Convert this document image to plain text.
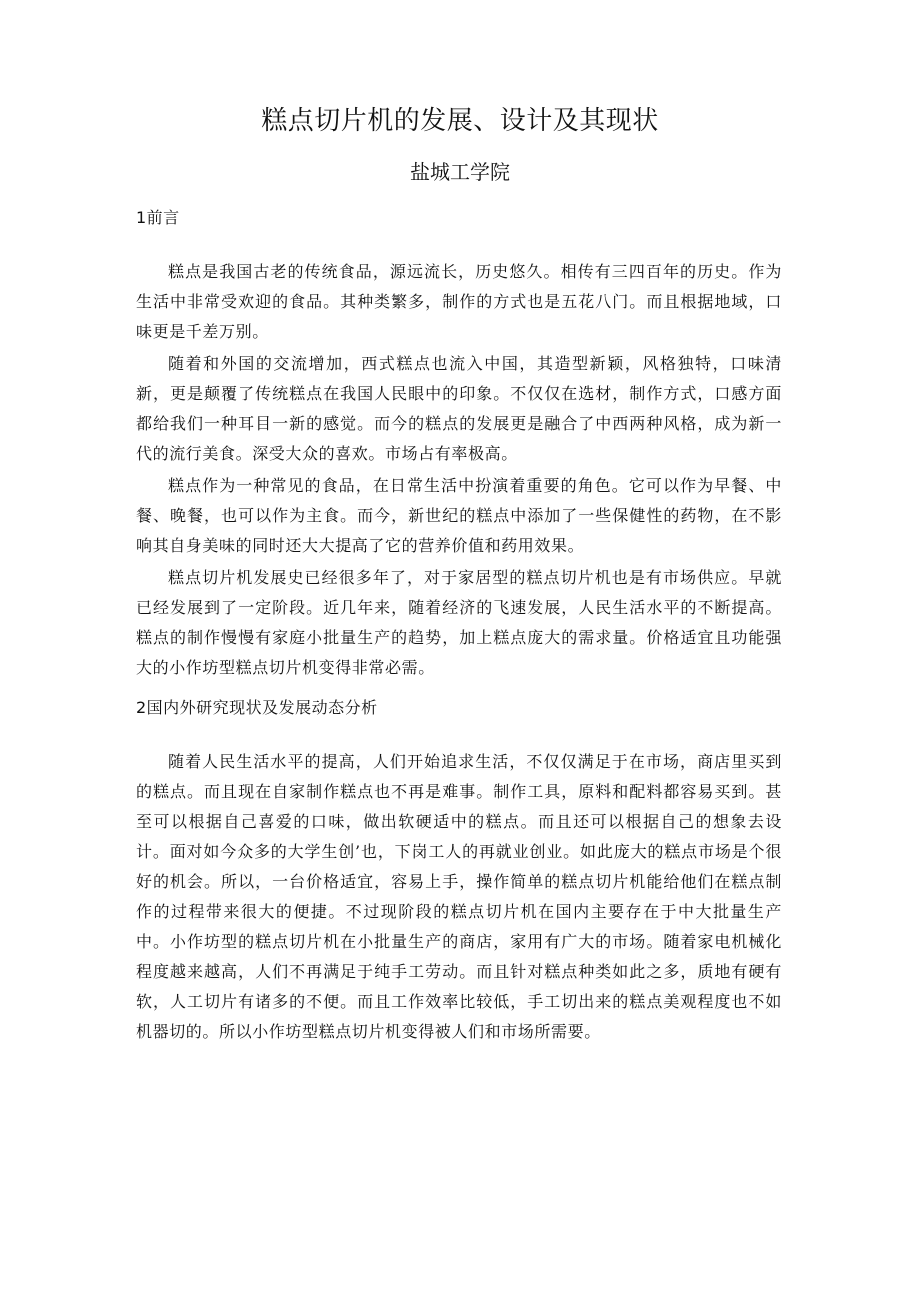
糕点切片机的发展、设计及其现状
盐城工学院
1前言

糕点是我国古老的传统食品，源远流长，历史悠久。相传有三四百年的历史。作为生活中非常受欢迎的食品。其种类繁多，制作的方式也是五花八门。而且根据地域，口味更是千差万别。

随着和外国的交流增加，西式糕点也流入中国，其造型新颖，风格独特，口味清新，更是颠覆了传统糕点在我国人民眼中的印象。不仅仅在选材，制作方式，口感方面都给我们一种耳目一新的感觉。而今的糕点的发展更是融合了中西两种风格，成为新一代的流行美食。深受大众的喜欢。市场占有率极高。

糕点作为一种常见的食品，在日常生活中扮演着重要的角色。它可以作为早餐、中餐、晚餐，也可以作为主食。而今，新世纪的糕点中添加了一些保健性的药物，在不影响其自身美味的同时还大大提高了它的营养价值和药用效果。

糕点切片机发展史已经很多年了，对于家居型的糕点切片机也是有市场供应。早就已经发展到了一定阶段。近几年来，随着经济的飞速发展，人民生活水平的不断提高。糕点的制作慢慢有家庭小批量生产的趋势，加上糕点庞大的需求量。价格适宜且功能强大的小作坊型糕点切片机变得非常必需。

2国内外研究现状及发展动态分析

随着人民生活水平的提高，人们开始追求生活，不仅仅满足于在市场，商店里买到的糕点。而且现在自家制作糕点也不再是难事。制作工具，原料和配料都容易买到。甚至可以根据自己喜爱的口味，做出软硬适中的糕点。而且还可以根据自己的想象去设计。面对如今众多的大学生创’也，下岗工人的再就业创业。如此庞大的糕点市场是个很好的机会。所以，一台价格适宜，容易上手，操作简单的糕点切片机能给他们在糕点制作的过程带来很大的便捷。不过现阶段的糕点切片机在国内主要存在于中大批量生产中。小作坊型的糕点切片机在小批量生产的商店，家用有广大的市场。随着家电机械化程度越来越高，人们不再满足于纯手工劳动。而且针对糕点种类如此之多，质地有硬有软，人工切片有诸多的不便。而且工作效率比较低，手工切出来的糕点美观程度也不如机器切的。所以小作坊型糕点切片机变得被人们和市场所需要。
